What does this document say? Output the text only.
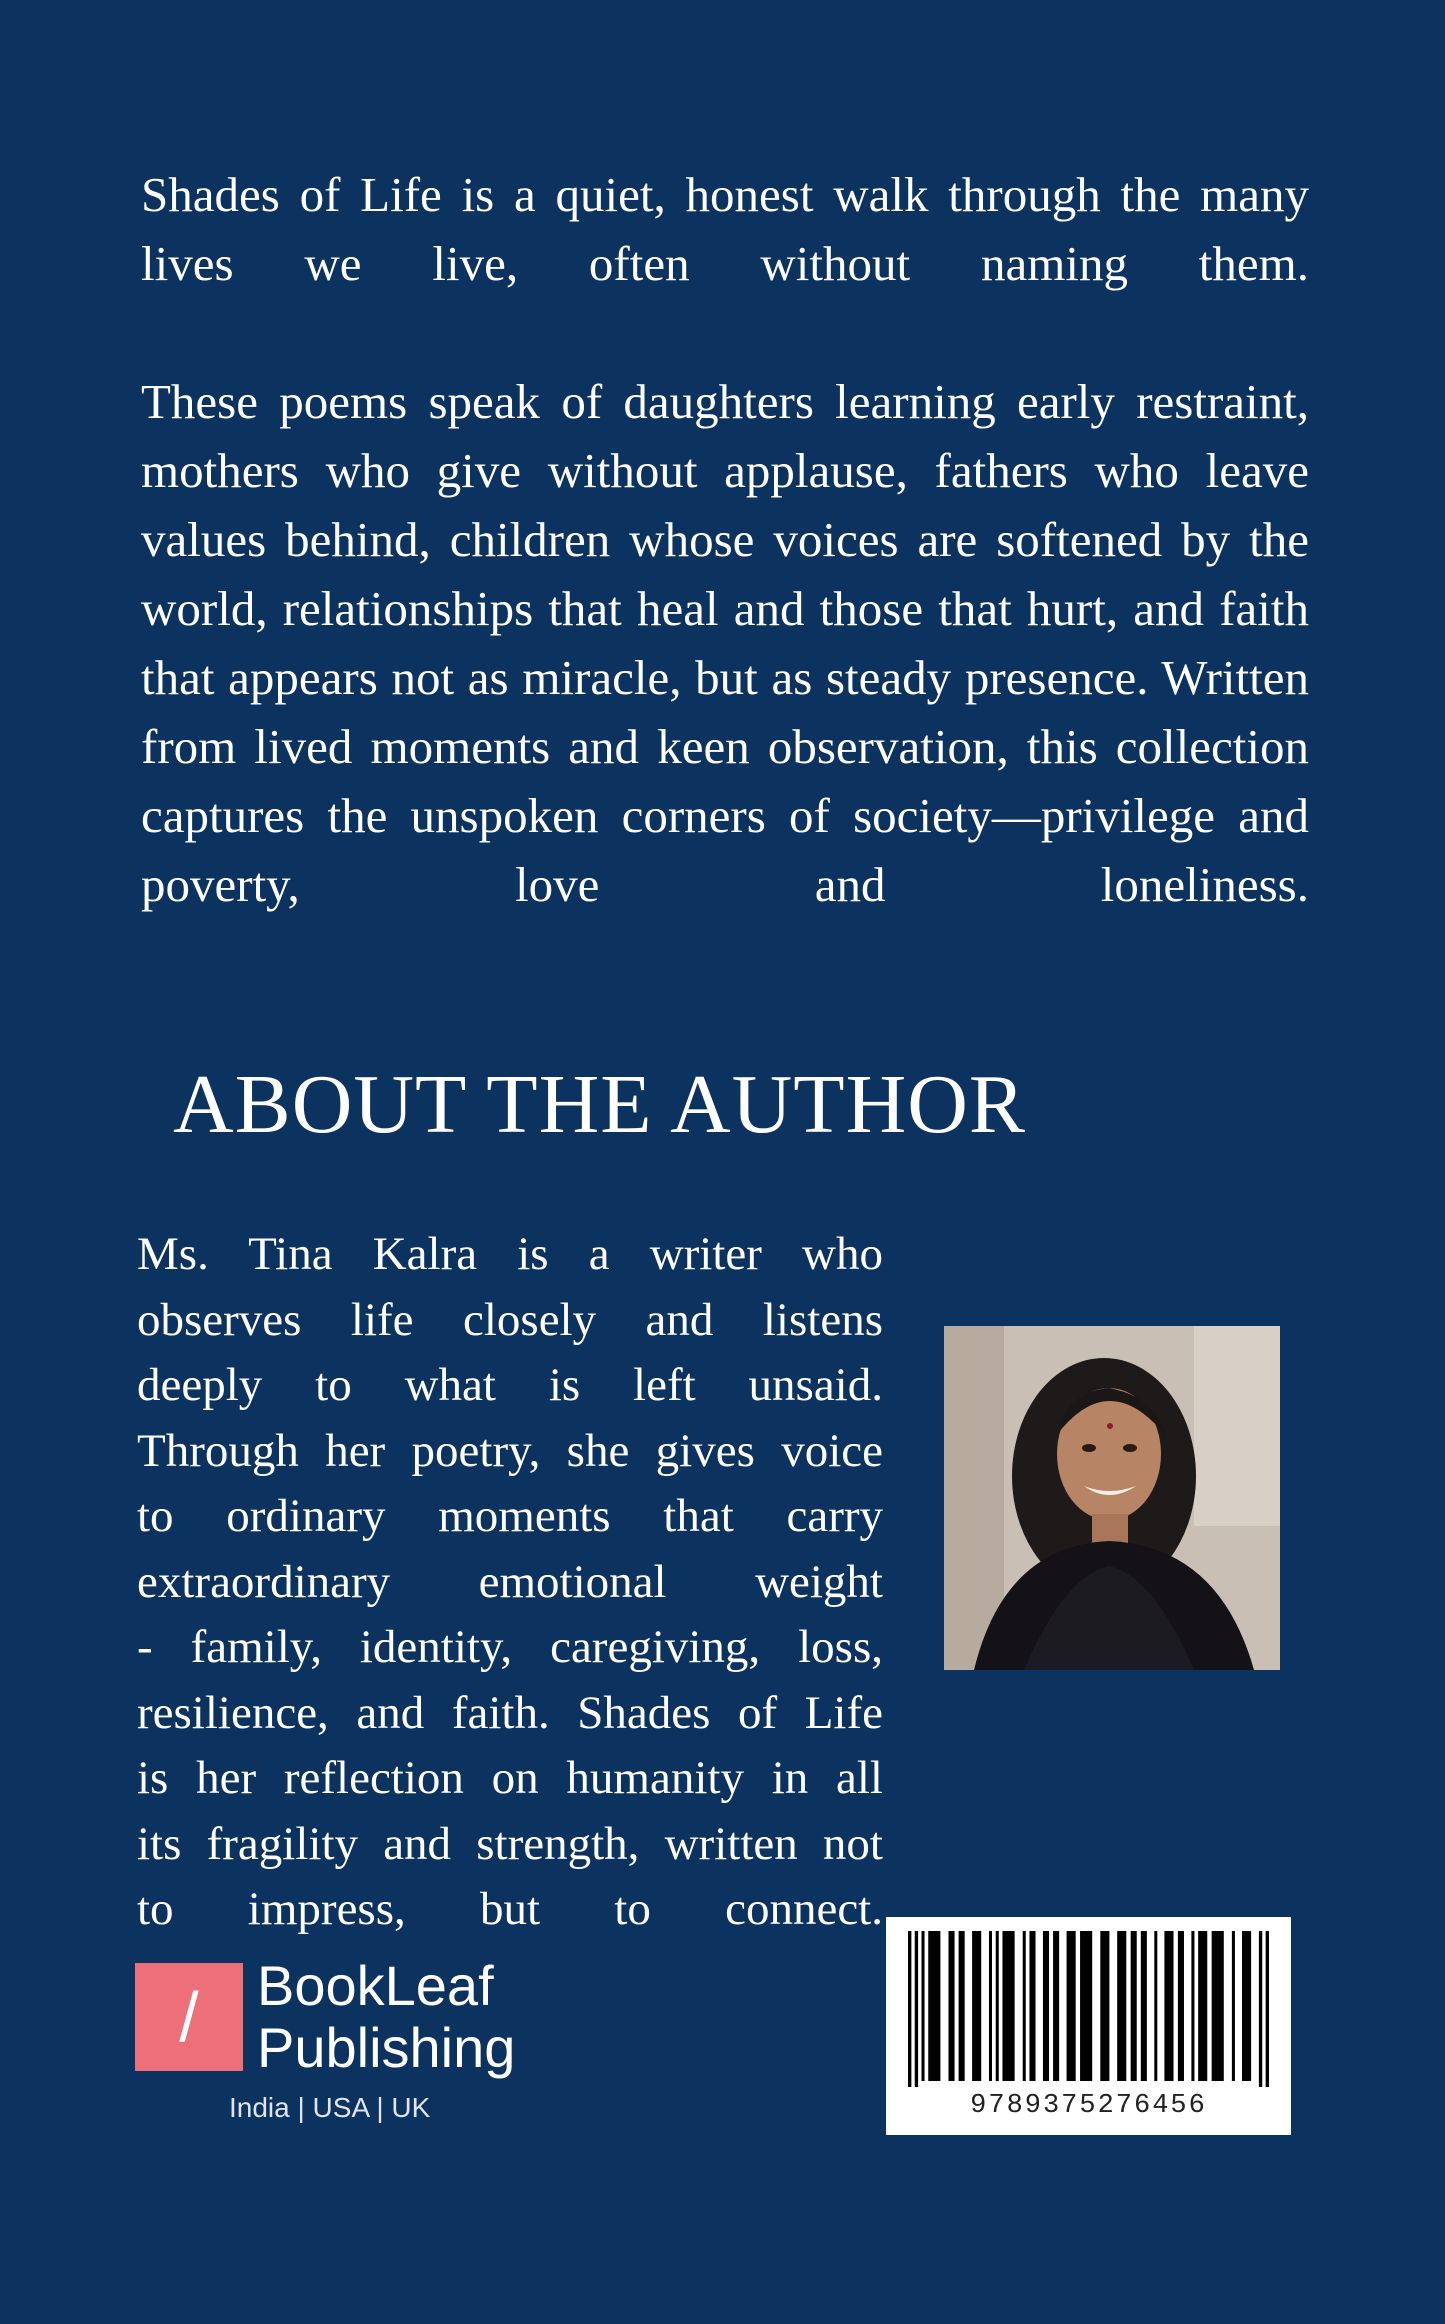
Shades of Life is a quiet, honest walk through the many lives we live, often without naming them.

These poems speak of daughters learning early restraint, mothers who give without applause, fathers who leave values behind, children whose voices are softened by the world, relationships that heal and those that hurt, and faith that appears not as miracle, but as steady presence. Written from lived moments and keen observation, this collection captures the unspoken corners of society—privilege and poverty, love and loneliness.

ABOUT THE AUTHOR
Ms. Tina Kalra is a writer who
observes life closely and listens
deeply to what is left unsaid.
Through her poetry, she gives voice
to ordinary moments that carry
extraordinary emotional weight
- family, identity, caregiving, loss,
resilience, and faith. Shades of Life
is her reflection on humanity in all
its fragility and strength, written not
to impress, but to connect.
/	BookLeaf
Publishing
India | USA | UK	9789375276456
